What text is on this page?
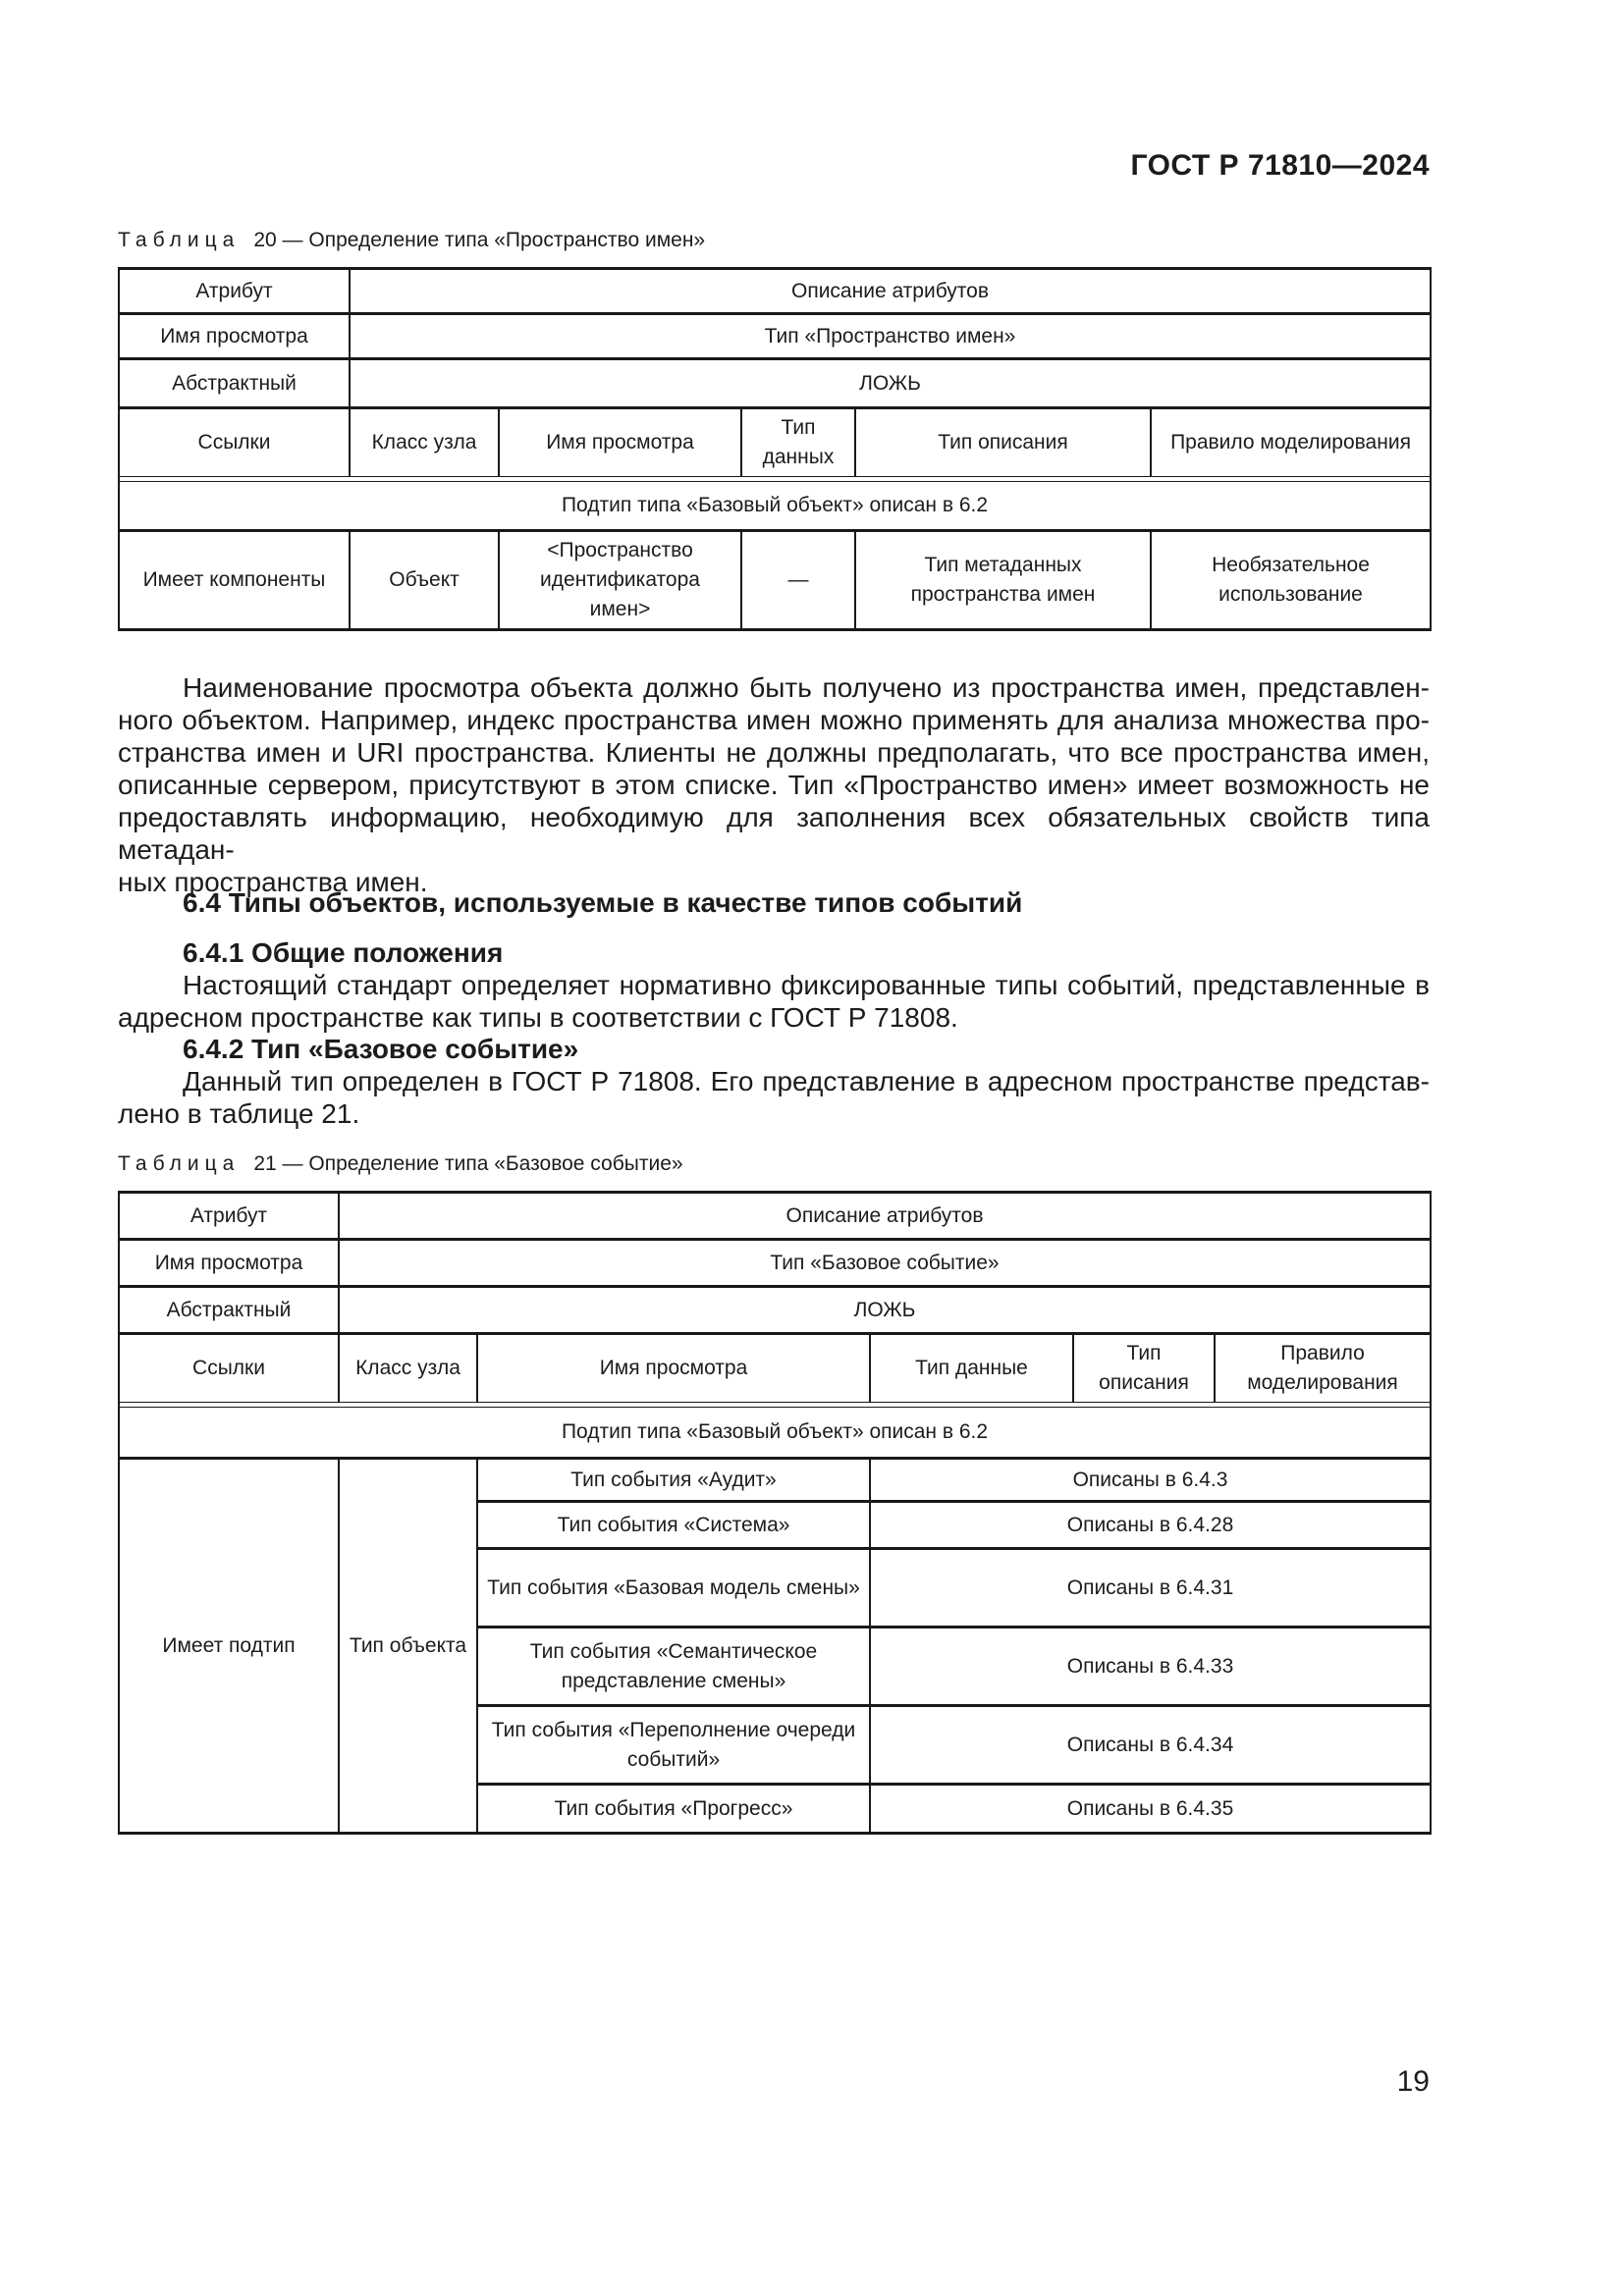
ГОСТ Р 71810—2024
Таблица 20 — Определение типа «Пространство имен»
Атрибут	Описание атрибутов				
Имя просмотра	Тип «Пространство имен»				
Абстрактный	ЛОЖЬ				
Ссылки	Класс узла	Имя просмотра	Тип данных	Тип описания	Правило моделирования

Подтип типа «Базовый объект» описан в 6.2					
Имеет компоненты	Объект	<Пространство идентификатора имен>	—	Тип метаданных пространства имен	Необязательное использование
Наименование просмотра объекта должно быть получено из пространства имен, представлен-
ного объектом. Например, индекс пространства имен можно применять для анализа множества про-
странства имен и URI пространства. Клиенты не должны предполагать, что все пространства имен,
описанные сервером, присутствуют в этом списке. Тип «Пространство имен» имеет возможность не
предоставлять информацию, необходимую для заполнения всех обязательных свойств типа метадан-
ных пространства имен.
6.4 Типы объектов, используемые в качестве типов событий
6.4.1 Общие положения
Настоящий стандарт определяет нормативно фиксированные типы событий, представленные в
адресном пространстве как типы в соответствии с ГОСТ Р 71808.
6.4.2 Тип «Базовое событие»
Данный тип определен в ГОСТ Р 71808. Его представление в адресном пространстве представ-
лено в таблице 21.
Таблица 21 — Определение типа «Базовое событие»
Атрибут	Описание атрибутов				
Имя просмотра	Тип «Базовое событие»				
Абстрактный	ЛОЖЬ				
Ссылки	Класс узла	Имя просмотра	Тип данные	Тип описания	Правило моделирования

Подтип типа «Базовый объект» описан в 6.2					
Имеет подтип	Тип объекта	Тип события «Аудит»	Описаны в 6.4.3		
		Тип события «Система»	Описаны в 6.4.28		
		Тип события «Базовая модель смены»	Описаны в 6.4.31		
		Тип события «Семантическое представление смены»	Описаны в 6.4.33		
		Тип события «Переполнение очереди событий»	Описаны в 6.4.34		
		Тип события «Прогресс»	Описаны в 6.4.35		
19
